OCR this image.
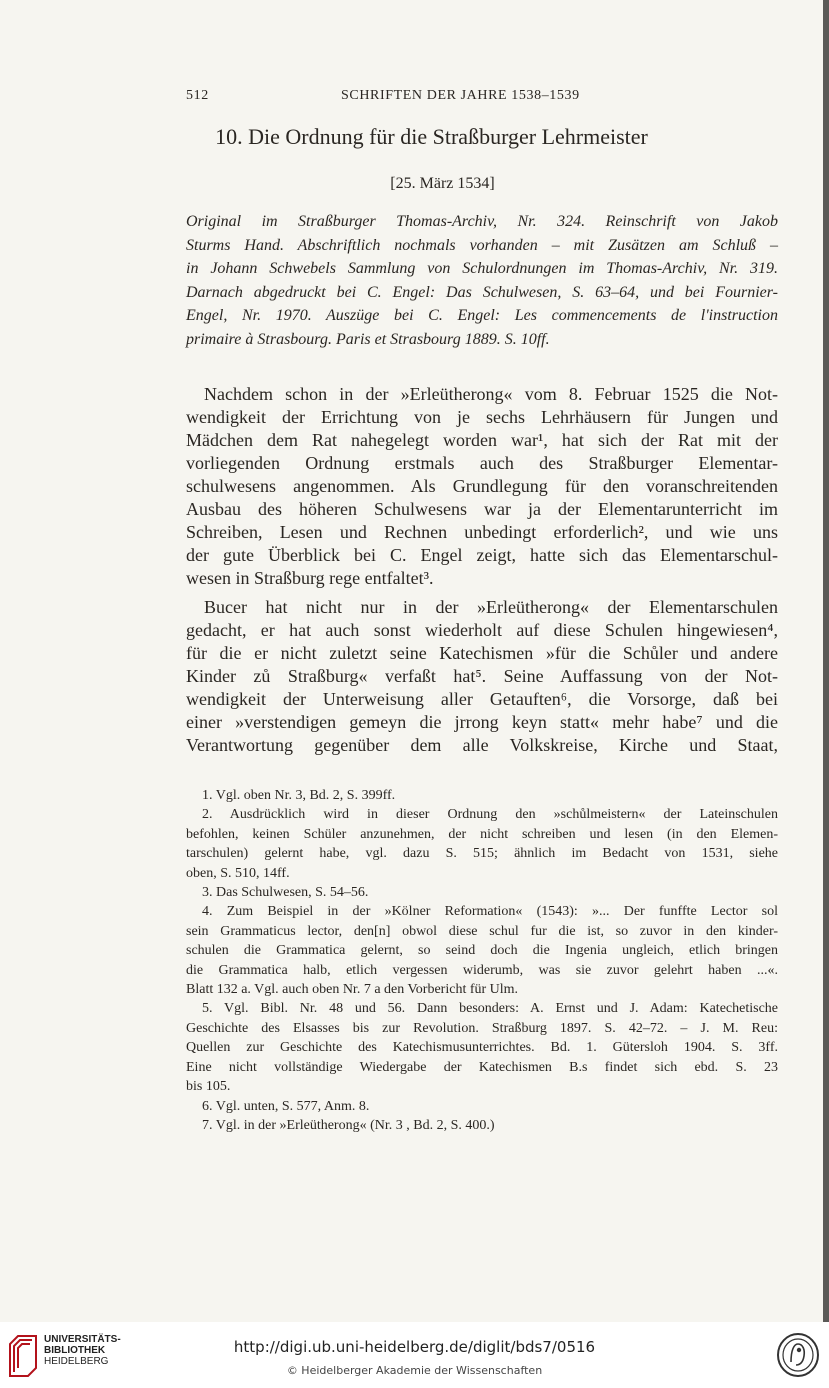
512	SCHRIFTEN DER JAHRE 1538–1539
10. Die Ordnung für die Straßburger Lehrmeister
[25. März 1534]
Original im Straßburger Thomas-Archiv, Nr. 324. Reinschrift von Jakob
Sturms Hand. Abschriftlich nochmals vorhanden – mit Zusätzen am Schluß –
in Johann Schwebels Sammlung von Schulordnungen im Thomas-Archiv, Nr. 319.
Darnach abgedruckt bei C. Engel: Das Schulwesen, S. 63–64, und bei Fournier-
Engel, Nr. 1970. Auszüge bei C. Engel: Les commencements de l'instruction
primaire à Strasbourg. Paris et Strasbourg 1889. S. 10ff.
Nachdem schon in der »Erleütherong« vom 8. Februar 1525 die Not-
wendigkeit der Errichtung von je sechs Lehrhäusern für Jungen und
Mädchen dem Rat nahegelegt worden war¹, hat sich der Rat mit der
vorliegenden Ordnung erstmals auch des Straßburger Elementar-
schulwesens angenommen. Als Grundlegung für den voranschreitenden
Ausbau des höheren Schulwesens war ja der Elementarunterricht im
Schreiben, Lesen und Rechnen unbedingt erforderlich², und wie uns
der gute Überblick bei C. Engel zeigt, hatte sich das Elementarschul-
wesen in Straßburg rege entfaltet³.
Bucer hat nicht nur in der »Erleütherong« der Elementarschulen
gedacht, er hat auch sonst wiederholt auf diese Schulen hingewiesen⁴,
für die er nicht zuletzt seine Katechismen »für die Schůler und andere
Kinder zů Straßburg« verfaßt hat⁵. Seine Auffassung von der Not-
wendigkeit der Unterweisung aller Getauften⁶, die Vorsorge, daß bei
einer »verstendigen gemeyn die jrrong keyn statt« mehr habe⁷ und die
Verantwortung gegenüber dem alle Volkskreise, Kirche und Staat,
1. Vgl. oben Nr. 3, Bd. 2, S. 399ff.
2. Ausdrücklich wird in dieser Ordnung den »schůlmeistern« der Lateinschulen
befohlen, keinen Schüler anzunehmen, der nicht schreiben und lesen (in den Elemen-
tarschulen) gelernt habe, vgl. dazu S. 515; ähnlich im Bedacht von 1531, siehe
oben, S. 510, 14ff.
3. Das Schulwesen, S. 54–56.
4. Zum Beispiel in der »Kölner Reformation« (1543): »... Der funffte Lector sol
sein Grammaticus lector, den[n] obwol diese schul fur die ist, so zuvor in den kinder-
schulen die Grammatica gelernt, so seind doch die Ingenia ungleich, etlich bringen
die Grammatica halb, etlich vergessen widerumb, was sie zuvor gelehrt haben ...«.
Blatt 132 a. Vgl. auch oben Nr. 7 a den Vorbericht für Ulm.
5. Vgl. Bibl. Nr. 48 und 56. Dann besonders: A. Ernst und J. Adam: Katechetische
Geschichte des Elsasses bis zur Revolution. Straßburg 1897. S. 42–72. – J. M. Reu:
Quellen zur Geschichte des Katechismusunterrichtes. Bd. 1. Gütersloh 1904. S. 3ff.
Eine nicht vollständige Wiedergabe der Katechismen B.s findet sich ebd. S. 23
bis 105.
6. Vgl. unten, S. 577, Anm. 8.
7. Vgl. in der »Erleütherong« (Nr. 3 , Bd. 2, S. 400.)
UNIVERSITÄTS-
BIBLIOTHEK
HEIDELBERG
http://digi.ub.uni-heidelberg.de/diglit/bds7/0516
© Heidelberger Akademie der Wissenschaften
